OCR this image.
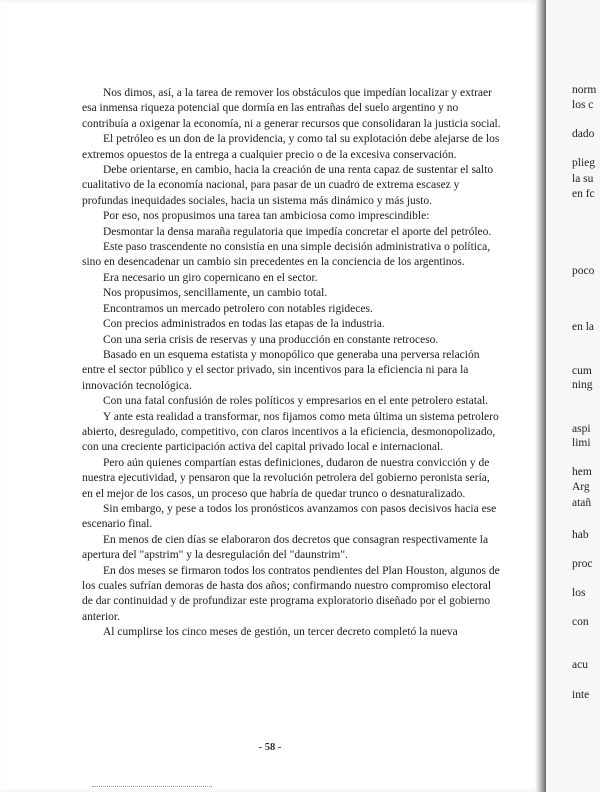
Nos dimos, así, a la tarea de remover los obstáculos que impedían localizar y extraer esa inmensa riqueza potencial que dormía en las entrañas del suelo argentino y no contribuía a oxigenar la economía, ni a generar recursos que consolidaran la justicia social.

El petróleo es un don de la providencia, y como tal su explotación debe alejarse de los extremos opuestos de la entrega a cualquier precio o de la excesiva conservación.

Debe orientarse, en cambio, hacia la creación de una renta capaz de sustentar el salto cualitativo de la economía nacional, para pasar de un cuadro de extrema escasez y profundas inequidades sociales, hacia un sistema más dinámico y más justo.

Por eso, nos propusimos una tarea tan ambiciosa como imprescindible:

Desmontar la densa maraña regulatoria que impedía concretar el aporte del petróleo.

Este paso trascendente no consistía en una simple decisión administrativa o política, sino en desencadenar un cambio sin precedentes en la conciencia de los argentinos.

Era necesario un giro copernicano en el sector.

Nos propusimos, sencillamente, un cambio total.

Encontramos un mercado petrolero con notables rigideces.

Con precios administrados en todas las etapas de la industria.

Con una seria crisis de reservas y una producción en constante retroceso.

Basado en un esquema estatista y monopólico que generaba una perversa relación entre el sector público y el sector privado, sin incentivos para la eficiencia ni para la innovación tecnológica.

Con una fatal confusión de roles políticos y empresarios en el ente petrolero estatal.

Y ante esta realidad a transformar, nos fijamos como meta última un sistema petrolero abierto, desregulado, competitivo, con claros incentivos a la eficiencia, desmonopolizado, con una creciente participación activa del capital privado local e internacional.

Pero aún quienes compartían estas definiciones, dudaron de nuestra convicción y de nuestra ejecutividad, y pensaron que la revolución petrolera del gobierno peronista sería, en el mejor de los casos, un proceso que habría de quedar trunco o desnaturalizado.

Sin embargo, y pese a todos los pronósticos avanzamos con pasos decisivos hacia ese escenario final.

En menos de cien días se elaboraron dos decretos que consagran respectivamente la apertura del "apstrim" y la desregulación del "daunstrim".

En dos meses se firmaron todos los contratos pendientes del Plan Houston, algunos de los cuales sufrían demoras de hasta dos años; confirmando nuestro compromiso electoral de dar continuidad y de profundizar este programa exploratorio diseñado por el gobierno anterior.

Al cumplirse los cinco meses de gestión, un tercer decreto completó la nueva

- 58 -
norm
los c
dado
plieg
la su
en fc
poco
en la
cum
ning
aspi
limi
hem
Arg
atañ
hab
proc
los
con
acu
inte
